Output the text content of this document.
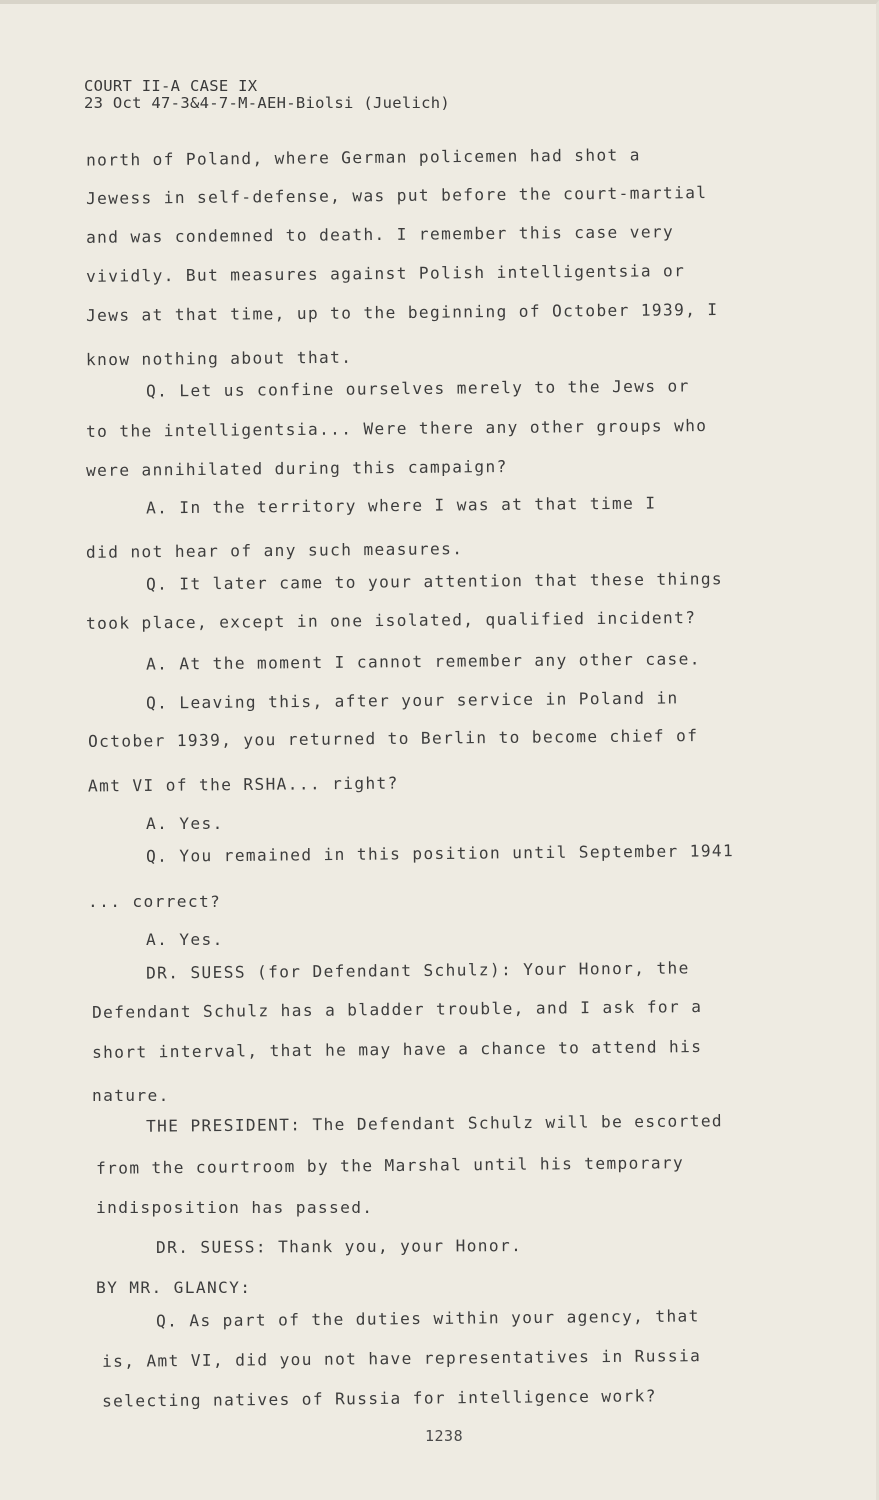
COURT II-A CASE IX
23 Oct 47-3&4-7-M-AEH-Biolsi (Juelich)
north of Poland, where German policemen had shot a
Jewess in self-defense, was put before the court-martial
and was condemned to death. I remember this case very
vividly. But measures against Polish intelligentsia or
Jews at that time, up to the beginning of October 1939, I
know nothing about that.
Q. Let us confine ourselves merely to the Jews or
to the intelligentsia... Were there any other groups who
were annihilated during this campaign?
A. In the territory where I was at that time I
did not hear of any such measures.
Q. It later came to your attention that these things
took place, except in one isolated, qualified incident?
A. At the moment I cannot remember any other case.
Q. Leaving this, after your service in Poland in
October 1939, you returned to Berlin to become chief of
Amt VI of the RSHA... right?
A. Yes.
Q. You remained in this position until September 1941
... correct?
A. Yes.
DR. SUESS (for Defendant Schulz): Your Honor, the
Defendant Schulz has a bladder trouble, and I ask for a
short interval, that he may have a chance to attend his
nature.
THE PRESIDENT: The Defendant Schulz will be escorted
from the courtroom by the Marshal until his temporary
indisposition has passed.
DR. SUESS: Thank you, your Honor.
BY MR. GLANCY:
Q. As part of the duties within your agency, that
is, Amt VI, did you not have representatives in Russia
selecting natives of Russia for intelligence work?
1238
